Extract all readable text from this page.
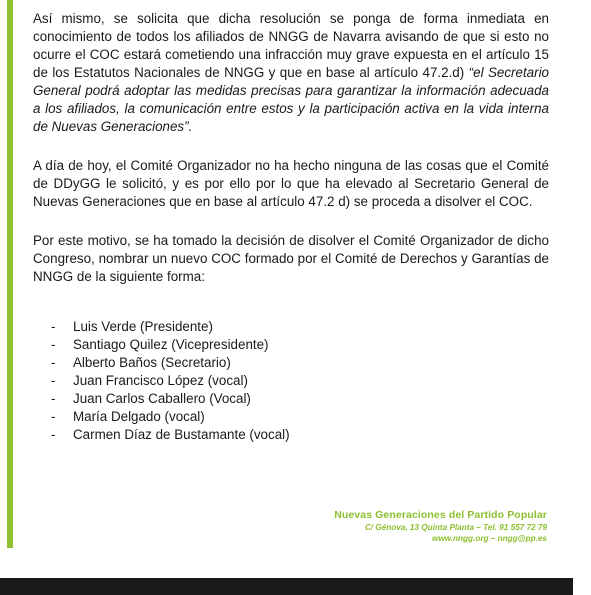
Así mismo, se solicita que dicha resolución se ponga de forma inmediata en conocimiento de todos los afiliados de NNGG de Navarra avisando de que si esto no ocurre el COC estará cometiendo una infracción muy grave expuesta en el artículo 15 de los Estatutos Nacionales de NNGG y que en base al artículo 47.2.d) “el Secretario General podrá adoptar las medidas precisas para garantizar la información adecuada a los afiliados, la comunicación entre estos y la participación activa en la vida interna de Nuevas Generaciones”.

A día de hoy, el Comité Organizador no ha hecho ninguna de las cosas que el Comité de DDyGG le solicitó, y es por ello por lo que ha elevado al Secretario General de Nuevas Generaciones que en base al artículo 47.2 d) se proceda a disolver el COC.

Por este motivo, se ha tomado la decisión de disolver el Comité Organizador de dicho Congreso, nombrar un nuevo COC formado por el Comité de Derechos y Garantías de NNGG de la siguiente forma:

-	Luis Verde (Presidente)
-	Santiago Quilez (Vicepresidente)
-	Alberto Baños (Secretario)
-	Juan Francisco López (vocal)
-	Juan Carlos Caballero (Vocal)
-	María Delgado (vocal)
-	Carmen Díaz de Bustamante (vocal)
Nuevas Generaciones del Partido Popular
C/ Génova, 13 Quinta Planta – Tel. 91 557 72 79
www.nngg.org – nngg@pp.es
